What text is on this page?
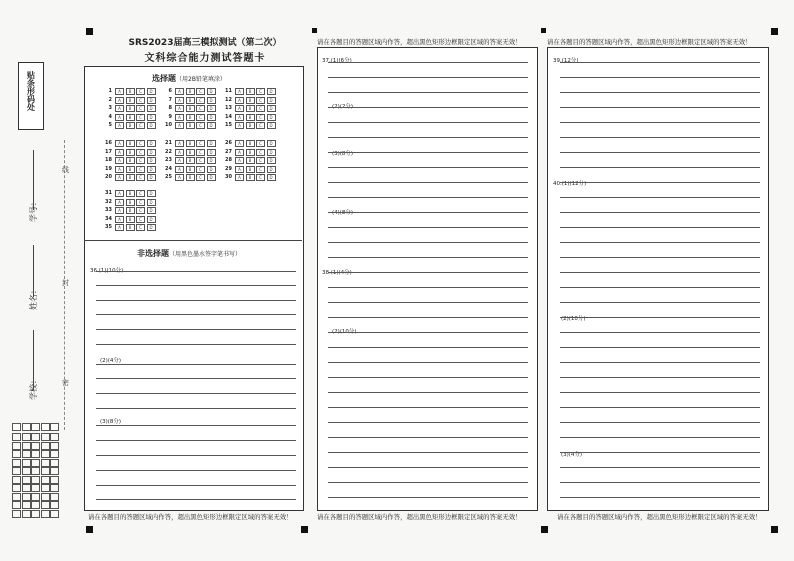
贴条形码处
学号：
姓名：
学校：
线
封
密
SRS2023届高三模拟测试（第二次）
文科综合能力测试答题卡
选择题（用2B铅笔填涂）
1	A	B	C	D
2	A	B	C	D
3	A	B	C	D
4	A	B	C	D
5	A	B	C	D
6	A	B	C	D
7	A	B	C	D
8	A	B	C	D
9	A	B	C	D
10	A	B	C	D
11	A	B	C	D
12	A	B	C	D
13	A	B	C	D
14	A	B	C	D
15	A	B	C	D
16	A	B	C	D
17	A	B	C	D
18	A	B	C	D
19	A	B	C	D
20	A	B	C	D
21	A	B	C	D
22	A	B	C	D
23	A	B	C	D
24	A	B	C	D
25	A	B	C	D
26	A	B	C	D
27	A	B	C	D
28	A	B	C	D
29	A	B	C	D
30	A	B	C	D
31	A	B	C	D
32	A	B	C	D
33	A	B	C	D
34	A	B	C	D
35	A	B	C	D
非选择题（用黑色墨水签字笔书写）
36.(1)(10分)
(2)(4分)
(3)(8分)
请在各题目的答题区域内作答，超出黑色矩形边框限定区域的答案无效！
37.(1)(6分)
(2)(2分)
(3)(8分)
(4)(8分)
38.(1)(4分)
(2)(10分)
请在各题目的答题区域内作答，超出黑色矩形边框限定区域的答案无效！
请在各题目的答题区域内作答，超出黑色矩形边框限定区域的答案无效！
39.(12分)
40.(1)(12分)
(2)(10分)
(3)(4分)
请在各题目的答题区域内作答，超出黑色矩形边框限定区域的答案无效！
请在各题目的答题区域内作答，超出黑色矩形边框限定区域的答案无效！
